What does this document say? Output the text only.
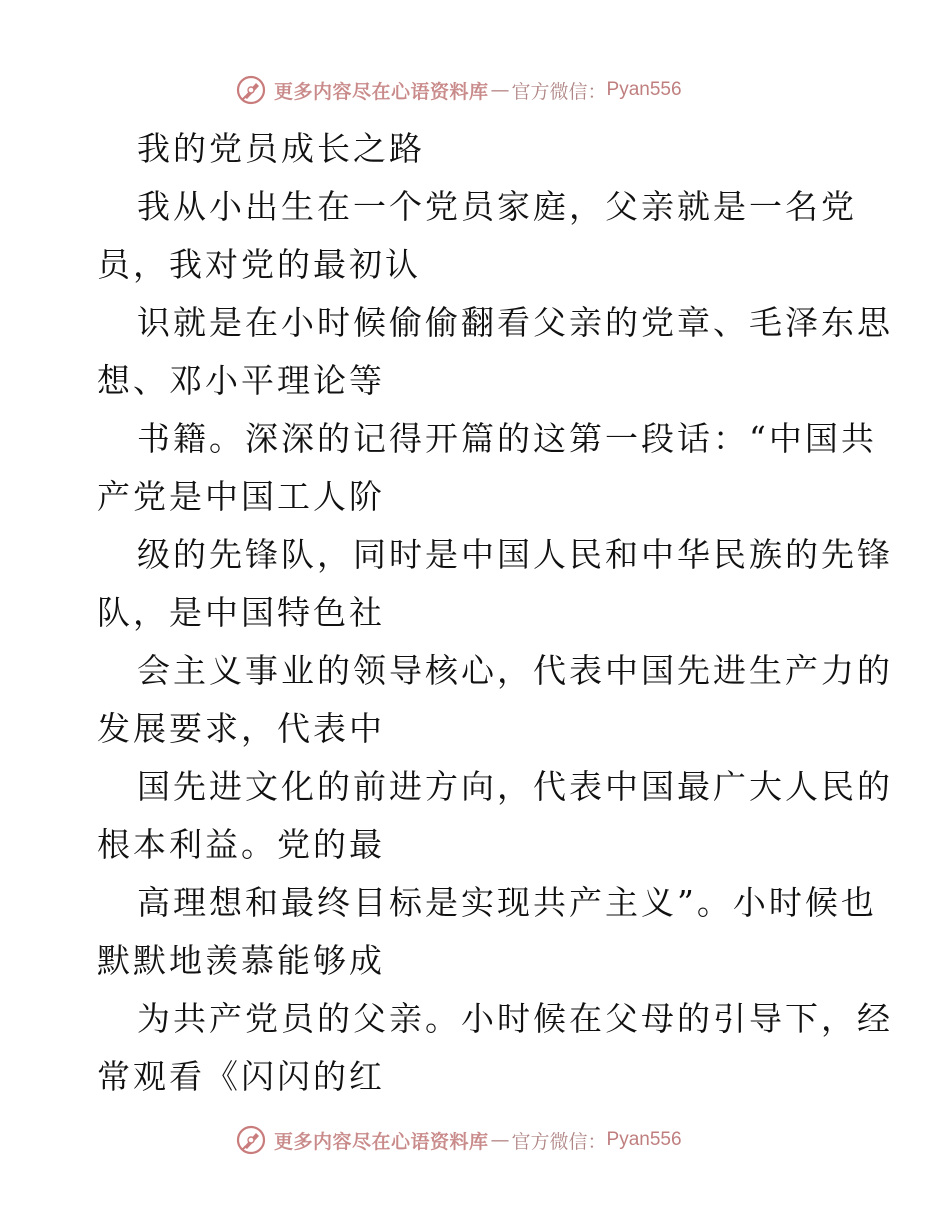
更多内容尽在心语资料库 — 官方微信： Pyan556
我的党员成长之路
我从小出生在一个党员家庭，父亲就是一名党
员，我对党的最初认
识就是在小时候偷偷翻看父亲的党章、毛泽东思
想、邓小平理论等
书籍。深深的记得开篇的这第一段话：“中国共
产党是中国工人阶
级的先锋队，同时是中国人民和中华民族的先锋
队，是中国特色社
会主义事业的领导核心，代表中国先进生产力的
发展要求，代表中
国先进文化的前进方向，代表中国最广大人民的
根本利益。党的最
高理想和最终目标是实现共产主义”。小时候也
默默地羡慕能够成
为共产党员的父亲。小时候在父母的引导下，经
常观看《闪闪的红
更多内容尽在心语资料库 — 官方微信： Pyan556
